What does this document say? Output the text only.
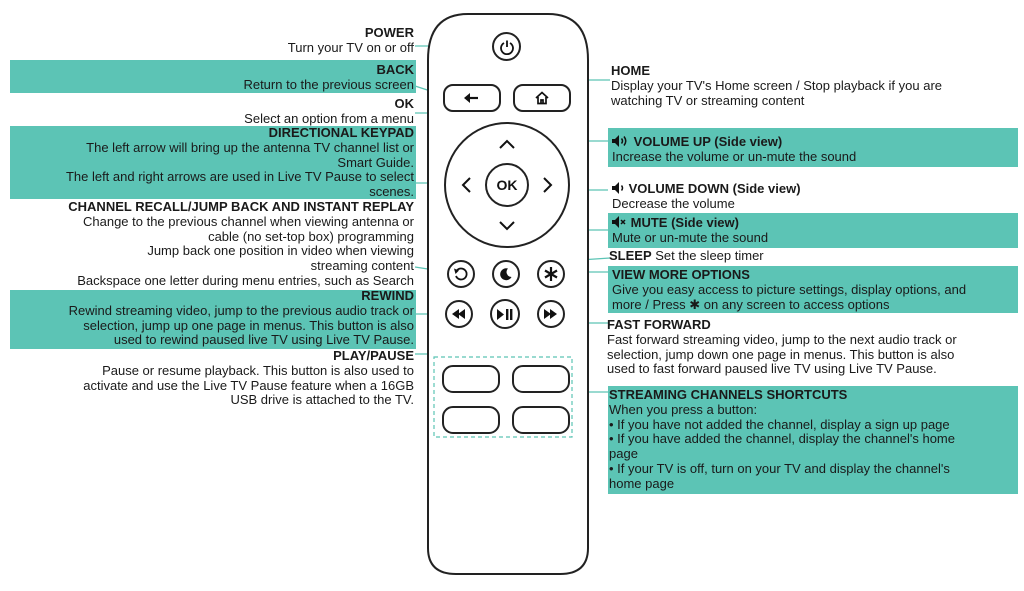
OK
POWER
Turn your TV on or off
BACK
Return to the previous screen
OK
Select an option from a menu
DIRECTIONAL KEYPAD
The left arrow will bring up the antenna TV channel list or
Smart Guide.
The left and right arrows are used in Live TV Pause to select
scenes.
CHANNEL RECALL/JUMP BACK AND INSTANT REPLAY
Change to the previous channel when viewing antenna or
cable (no set-top box) programming
Jump back one position in video when viewing
streaming content
Backspace one letter during menu entries, such as Search
REWIND
Rewind streaming video, jump to the previous audio track or
selection, jump up one page in menus. This button is also
used to rewind paused live TV using Live TV Pause.
PLAY/PAUSE
Pause or resume playback. This button is also used to
activate and use the Live TV Pause feature when a 16GB
USB drive is attached to the TV.
HOME
Display your TV's Home screen / Stop playback if you are
watching TV or streaming content
VOLUME UP (Side view)
Increase the volume or un-mute the sound
VOLUME DOWN (Side view)
Decrease the volume
MUTE (Side view)
Mute or un-mute the sound
SLEEP Set the sleep timer
VIEW MORE OPTIONS
Give you easy access to picture settings, display options, and
more / Press ✱ on any screen to access options
FAST FORWARD
Fast forward streaming video, jump to the next audio track or
selection, jump down one page in menus. This button is also
used to fast forward paused live TV using Live TV Pause.
STREAMING CHANNELS SHORTCUTS
When you press a button:
• If you have not added the channel, display a sign up page
• If you have added the channel, display the channel's home
page
• If your TV is off, turn on your TV and display the channel's
home page
